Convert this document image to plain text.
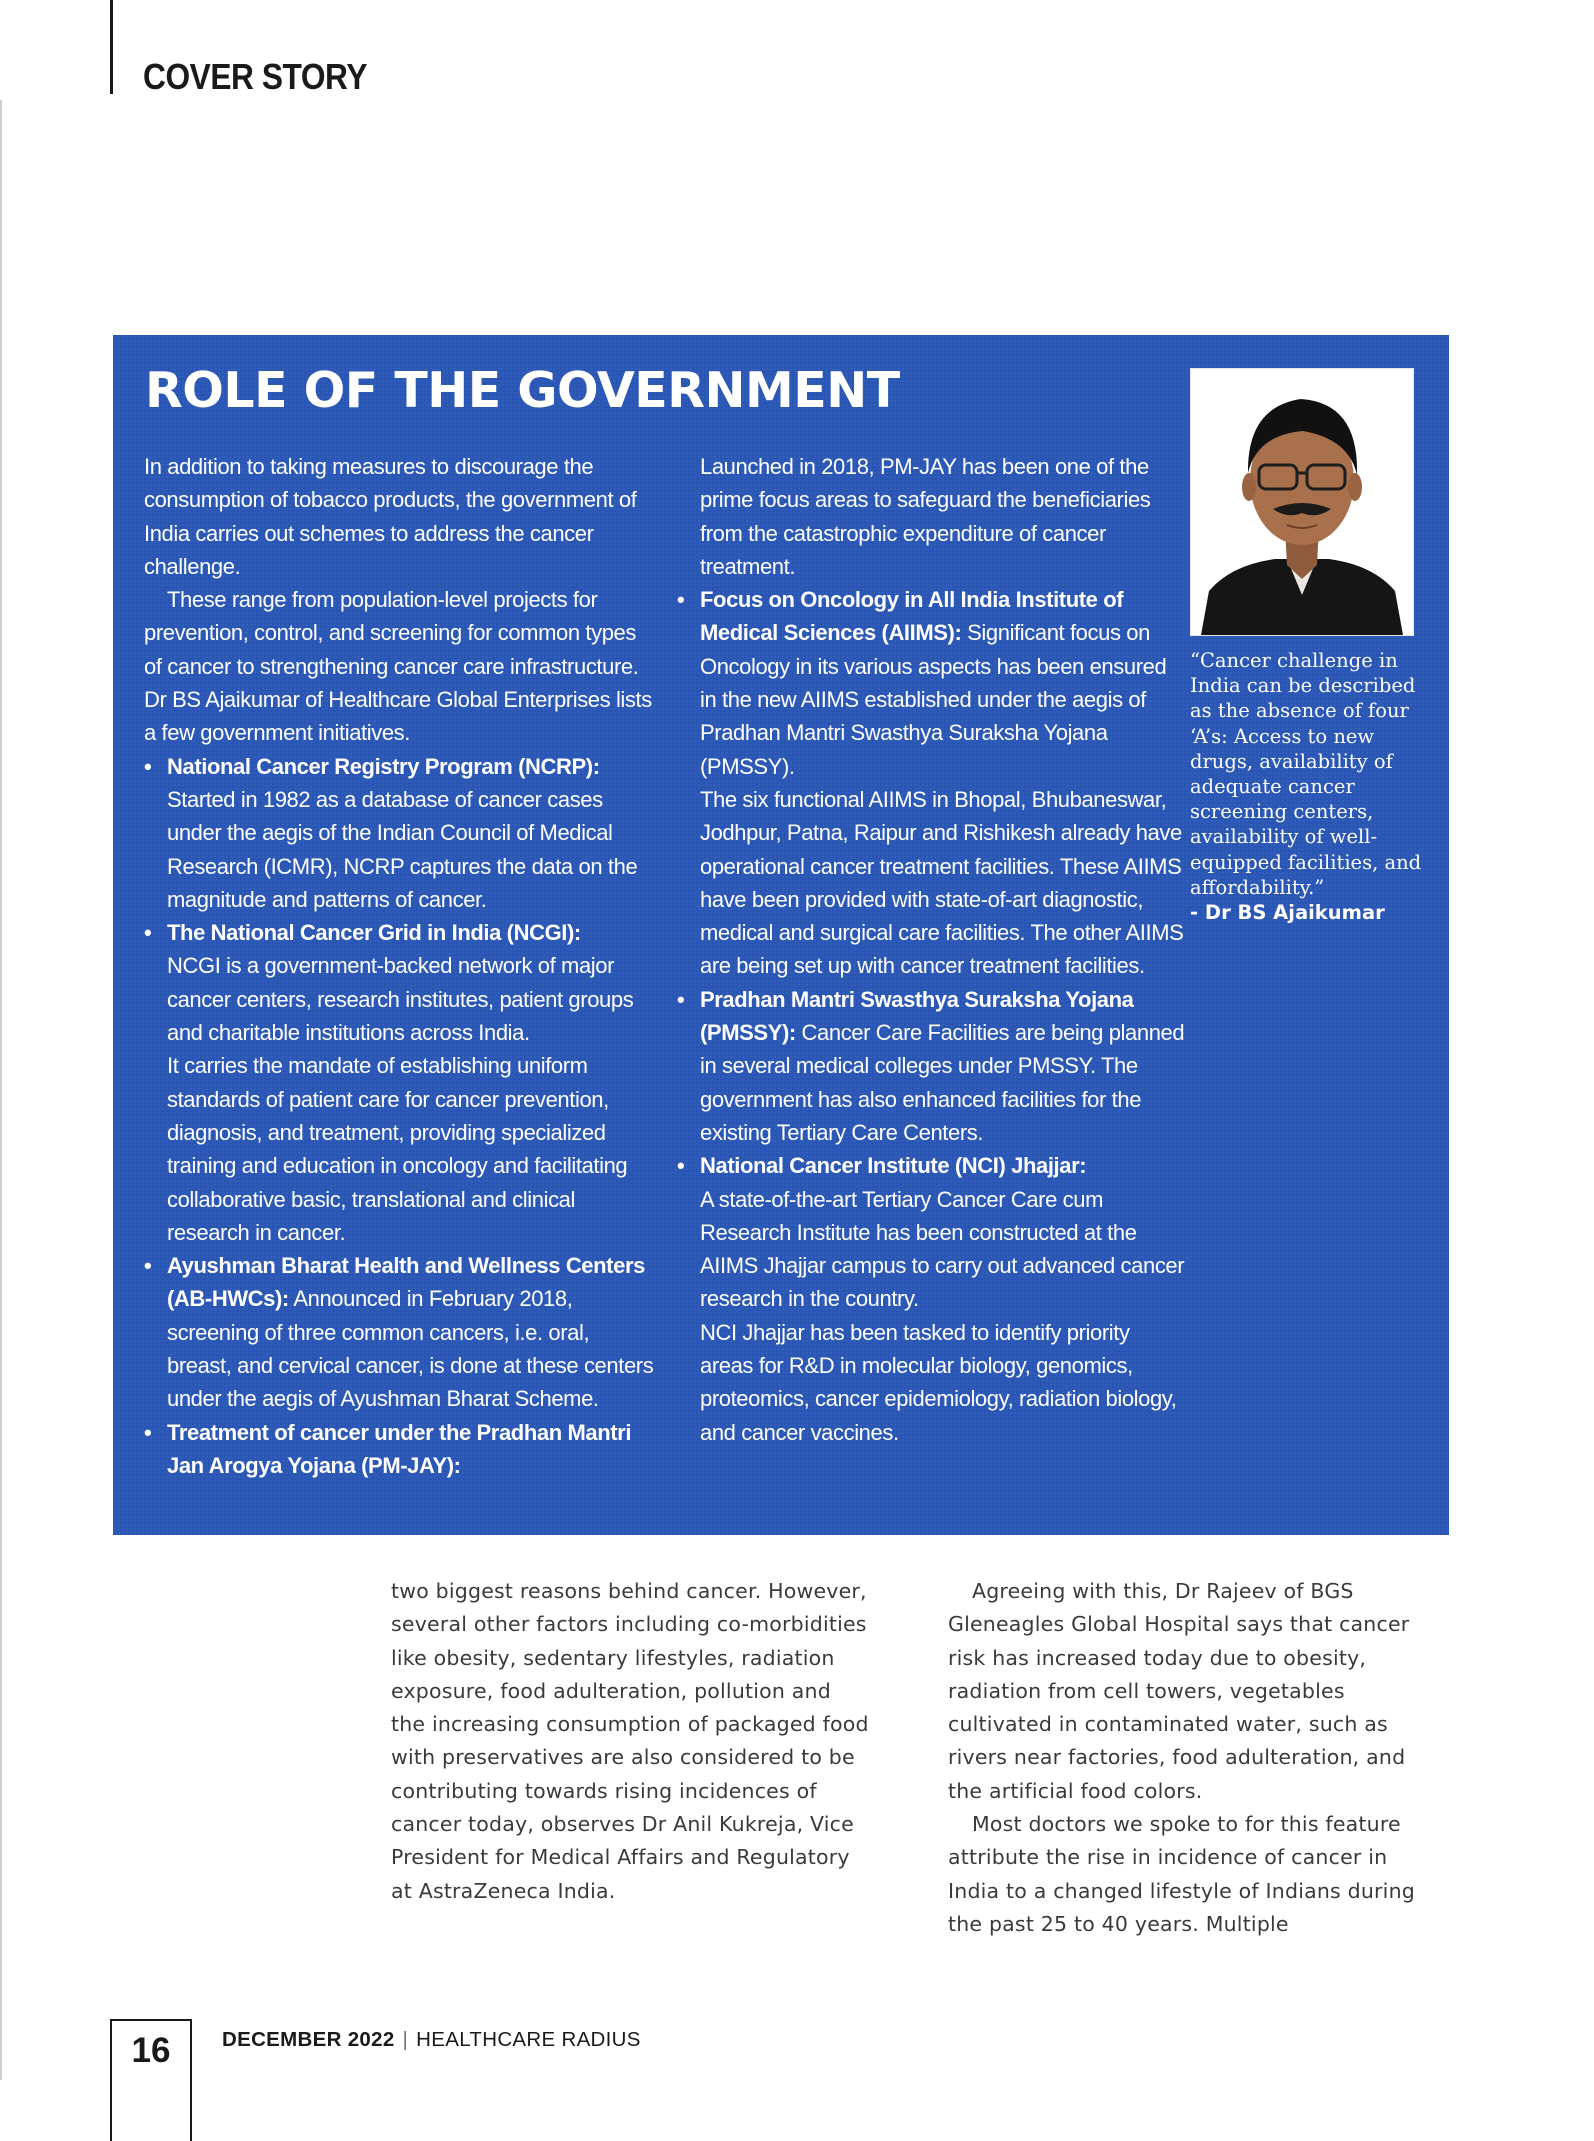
COVER STORY
ROLE OF THE GOVERNMENT

In addition to taking measures to discourage the consumption of tobacco products, the government of India carries out schemes to address the cancer challenge.

These range from population-level projects for prevention, control, and screening for common types of cancer to strengthening cancer care infrastructure. Dr BS Ajaikumar of Healthcare Global Enterprises lists a few government initiatives.

• National Cancer Registry Program (NCRP):

Started in 1982 as a database of cancer cases under the aegis of the Indian Council of Medical Research (ICMR), NCRP captures the data on the magnitude and patterns of cancer.

• The National Cancer Grid in India (NCGI):

NCGI is a government-backed network of major cancer centers, research institutes, patient groups and charitable institutions across India.

It carries the mandate of establishing uniform standards of patient care for cancer prevention, diagnosis, and treatment, providing specialized training and education in oncology and facilitating collaborative basic, translational and clinical research in cancer.

• Ayushman Bharat Health and Wellness Centers (AB-HWCs): Announced in February 2018, screening of three common cancers, i.e. oral, breast, and cervical cancer, is done at these centers under the aegis of Ayushman Bharat Scheme.

• Treatment of cancer under the Pradhan Mantri Jan Arogya Yojana (PM-JAY):

Launched in 2018, PM-JAY has been one of the prime focus areas to safeguard the beneficiaries from the catastrophic expenditure of cancer treatment.

• Focus on Oncology in All India Institute of Medical Sciences (AIIMS): Significant focus on Oncology in its various aspects has been ensured in the new AIIMS established under the aegis of Pradhan Mantri Swasthya Suraksha Yojana (PMSSY).

The six functional AIIMS in Bhopal, Bhubaneswar, Jodhpur, Patna, Raipur and Rishikesh already have operational cancer treatment facilities. These AIIMS have been provided with state-of-art diagnostic, medical and surgical care facilities. The other AIIMS are being set up with cancer treatment facilities.

• Pradhan Mantri Swasthya Suraksha Yojana (PMSSY): Cancer Care Facilities are being planned in several medical colleges under PMSSY. The government has also enhanced facilities for the existing Tertiary Care Centers.

• National Cancer Institute (NCI) Jhajjar:

A state-of-the-art Tertiary Cancer Care cum Research Institute has been constructed at the AIIMS Jhajjar campus to carry out advanced cancer research in the country.

NCI Jhajjar has been tasked to identify priority areas for R&D in molecular biology, genomics, proteomics, cancer epidemiology, radiation biology, and cancer vaccines.

“Cancer challenge in India can be described as the absence of four ‘A’s: Access to new drugs, availability of adequate cancer screening centers, availability of well-equipped facilities, and affordability.”

- Dr BS Ajaikumar

two biggest reasons behind cancer. However, several other factors including co-morbidities like obesity, sedentary lifestyles, radiation exposure, food adulteration, pollution and the increasing consumption of packaged food with preservatives are also considered to be contributing towards rising incidences of cancer today, observes Dr Anil Kukreja, Vice President for Medical Affairs and Regulatory at AstraZeneca India.

Agreeing with this, Dr Rajeev of BGS Gleneagles Global Hospital says that cancer risk has increased today due to obesity, radiation from cell towers, vegetables cultivated in contaminated water, such as rivers near factories, food adulteration, and the artificial food colors.

Most doctors we spoke to for this feature attribute the rise in incidence of cancer in India to a changed lifestyle of Indians during the past 25 to 40 years. Multiple

16	DECEMBER 2022 | HEALTHCARE RADIUS
